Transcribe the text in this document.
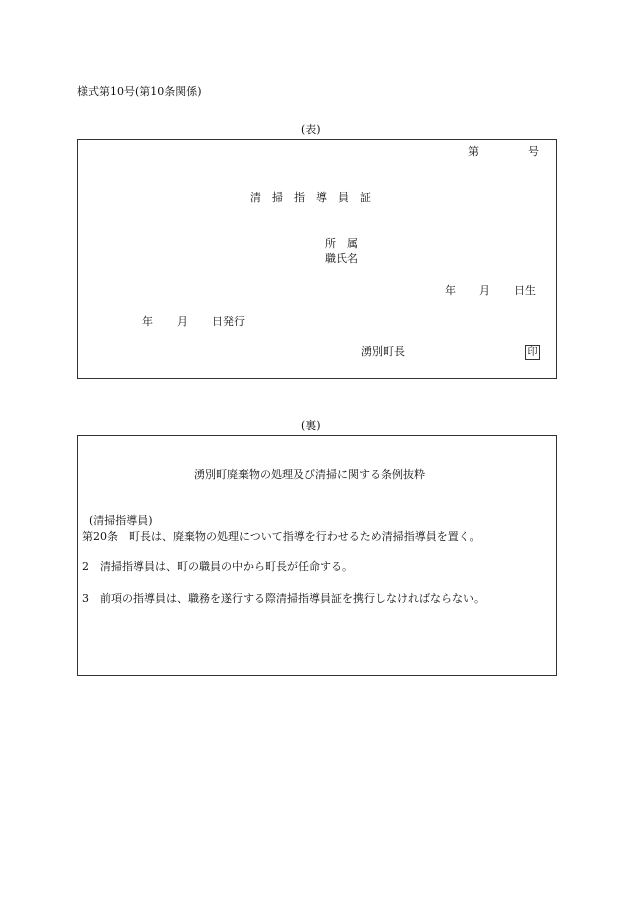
様式第10号(第10条関係)
(表)
第	号
清　掃　指　導　員　証
所　属
職氏名
年 月 日生
年 月 日発行
湧別町長	印
(裏)
湧別町廃棄物の処理及び清掃に関する条例抜粋
(清掃指導員)
第20条　町長は、廃棄物の処理について指導を行わせるため清掃指導員を置く。
2　清掃指導員は、町の職員の中から町長が任命する。
3　前項の指導員は、職務を遂行する際清掃指導員証を携行しなければならない。
